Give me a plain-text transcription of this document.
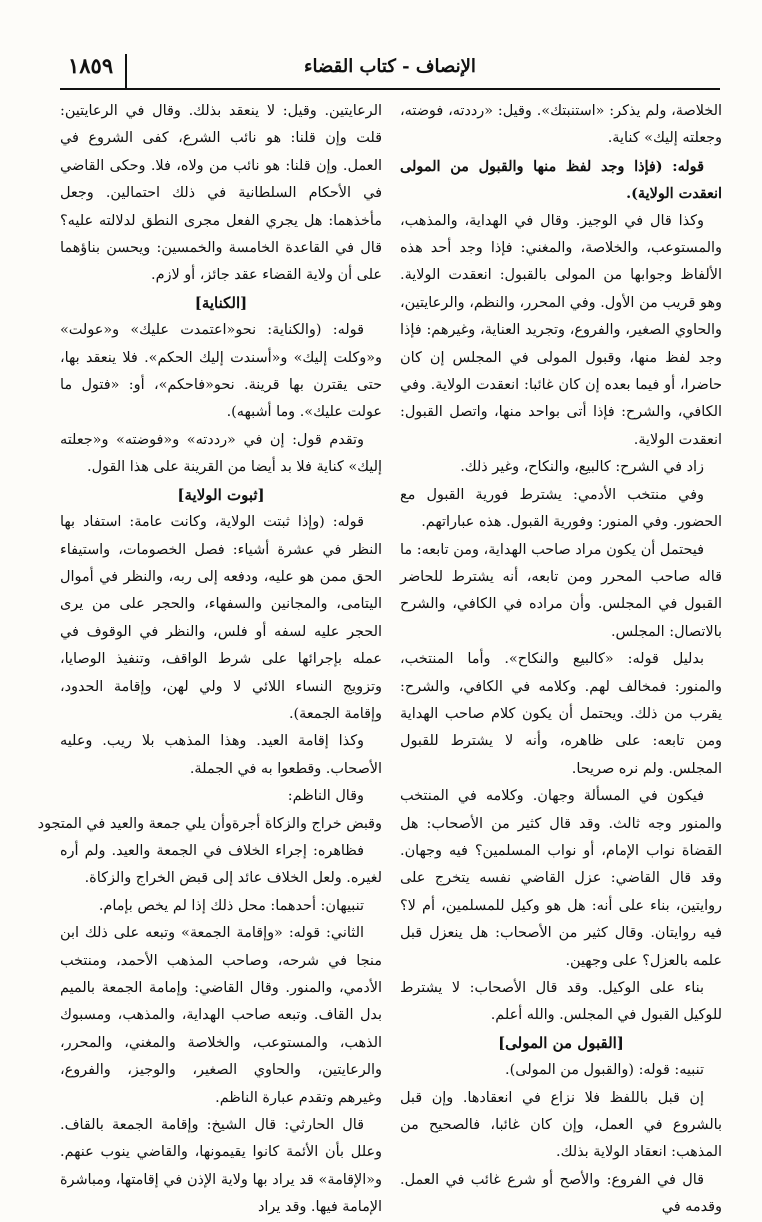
١٨٥٩	الإنصاف - كتاب القضاء

الخلاصة، ولم يذكر: «استنبتك». وقيل: «رددته، فوضته، وجعلته إليك» كناية.

قوله: (فإذا وجد لفظ منها والقبول من المولى انعقدت الولاية).

وكذا قال في الوجيز. وقال في الهداية، والمذهب، والمستوعب، والخلاصة، والمغني: فإذا وجد أحد هذه الألفاظ وجوابها من المولى بالقبول: انعقدت الولاية. وهو قريب من الأول. وفي المحرر، والنظم، والرعايتين، والحاوي الصغير، والفروع، وتجريد العناية، وغيرهم: فإذا وجد لفظ منها، وقبول المولى في المجلس إن كان حاضرا، أو فيما بعده إن كان غائبا: انعقدت الولاية. وفي الكافي، والشرح: فإذا أتى بواحد منها، واتصل القبول: انعقدت الولاية.

زاد في الشرح: كالبيع، والنكاح، وغير ذلك.

وفي منتخب الأدمي: يشترط فورية القبول مع الحضور. وفي المنور: وفورية القبول. هذه عباراتهم.

فيحتمل أن يكون مراد صاحب الهداية، ومن تابعه: ما قاله صاحب المحرر ومن تابعه، أنه يشترط للحاضر القبول في المجلس. وأن مراده في الكافي، والشرح بالاتصال: المجلس.

بدليل قوله: «كالبيع والنكاح». وأما المنتخب، والمنور: فمخالف لهم. وكلامه في الكافي، والشرح: يقرب من ذلك. ويحتمل أن يكون كلام صاحب الهداية ومن تابعه: على ظاهره، وأنه لا يشترط للقبول المجلس. ولم نره صريحا.

فيكون في المسألة وجهان. وكلامه في المنتخب والمنور وجه ثالث. وقد قال كثير من الأصحاب: هل القضاة نواب الإمام، أو نواب المسلمين؟ فيه وجهان. وقد قال القاضي: عزل القاضي نفسه يتخرج على روايتين، بناء على أنه: هل هو وكيل للمسلمين، أم لا؟ فيه روايتان. وقال كثير من الأصحاب: هل ينعزل قبل علمه بالعزل؟ على وجهين.

بناء على الوكيل. وقد قال الأصحاب: لا يشترط للوكيل القبول في المجلس. والله أعلم.

[القبول من المولى]

تنبيه: قوله: (والقبول من المولى).

إن قبل باللفظ فلا نزاع في انعقادها. وإن قبل بالشروع في العمل، وإن كان غائبا، فالصحيح من المذهب: انعقاد الولاية بذلك.

قال في الفروع: والأصح أو شرع غائب في العمل. وقدمه في

الرعايتين. وقيل: لا ينعقد بذلك. وقال في الرعايتين: قلت وإن قلنا: هو نائب الشرع، كفى الشروع في العمل. وإن قلنا: هو نائب من ولاه، فلا. وحكى القاضي في الأحكام السلطانية في ذلك احتمالين. وجعل مأخذهما: هل يجري الفعل مجرى النطق لدلالته عليه؟ قال في القاعدة الخامسة والخمسين: ويحسن بناؤهما على أن ولاية القضاء عقد جائز، أو لازم.

[الكناية]

قوله: (والكناية: نحو«اعتمدت عليك» و«عولت» و«وكلت إليك» و«أسندت إليك الحكم». فلا ينعقد بها، حتى يقترن بها قرينة. نحو«فاحكم»، أو: «فتول ما عولت عليك». وما أشبهه).

وتقدم قول: إن في «رددته» و«فوضته» و«جعلته إليك» كناية فلا بد أيضا من القرينة على هذا القول.

[ثبوت الولاية]

قوله: (وإذا ثبتت الولاية، وكانت عامة: استفاد بها النظر في عشرة أشياء: فصل الخصومات، واستيفاء الحق ممن هو عليه، ودفعه إلى ربه، والنظر في أموال اليتامى، والمجانين والسفهاء، والحجر على من يرى الحجر عليه لسفه أو فلس، والنظر في الوقوف في عمله بإجرائها على شرط الواقف، وتنفيذ الوصايا، وتزويج النساء اللائي لا ولي لهن، وإقامة الحدود، وإقامة الجمعة).

وكذا إقامة العيد. وهذا المذهب بلا ريب. وعليه الأصحاب. وقطعوا به في الجملة.

وقال الناظم:

وقبض خراج والزكاة أجرة
وأن يلي جمعة والعيد في المتجود

فظاهره: إجراء الخلاف في الجمعة والعيد. ولم أره لغيره. ولعل الخلاف عائد إلى قبض الخراج والزكاة.

تنبيهان: أحدهما: محل ذلك إذا لم يخص بإمام.

الثاني: قوله: «وإقامة الجمعة» وتبعه على ذلك ابن منجا في شرحه، وصاحب المذهب الأحمد، ومنتخب الأدمي، والمنور. وقال القاضي: وإمامة الجمعة بالميم بدل القاف. وتبعه صاحب الهداية، والمذهب، ومسبوك الذهب، والمستوعب، والخلاصة والمغني، والمحرر، والرعايتين، والحاوي الصغير، والوجيز، والفروع، وغيرهم وتقدم عبارة الناظم.

قال الحارثي: قال الشيخ: وإقامة الجمعة بالقاف. وعلل بأن الأئمة كانوا يقيمونها، والقاضي ينوب عنهم. و«الإقامة» قد يراد بها ولاية الإذن في إقامتها، ومباشرة الإمامة فيها. وقد يراد
